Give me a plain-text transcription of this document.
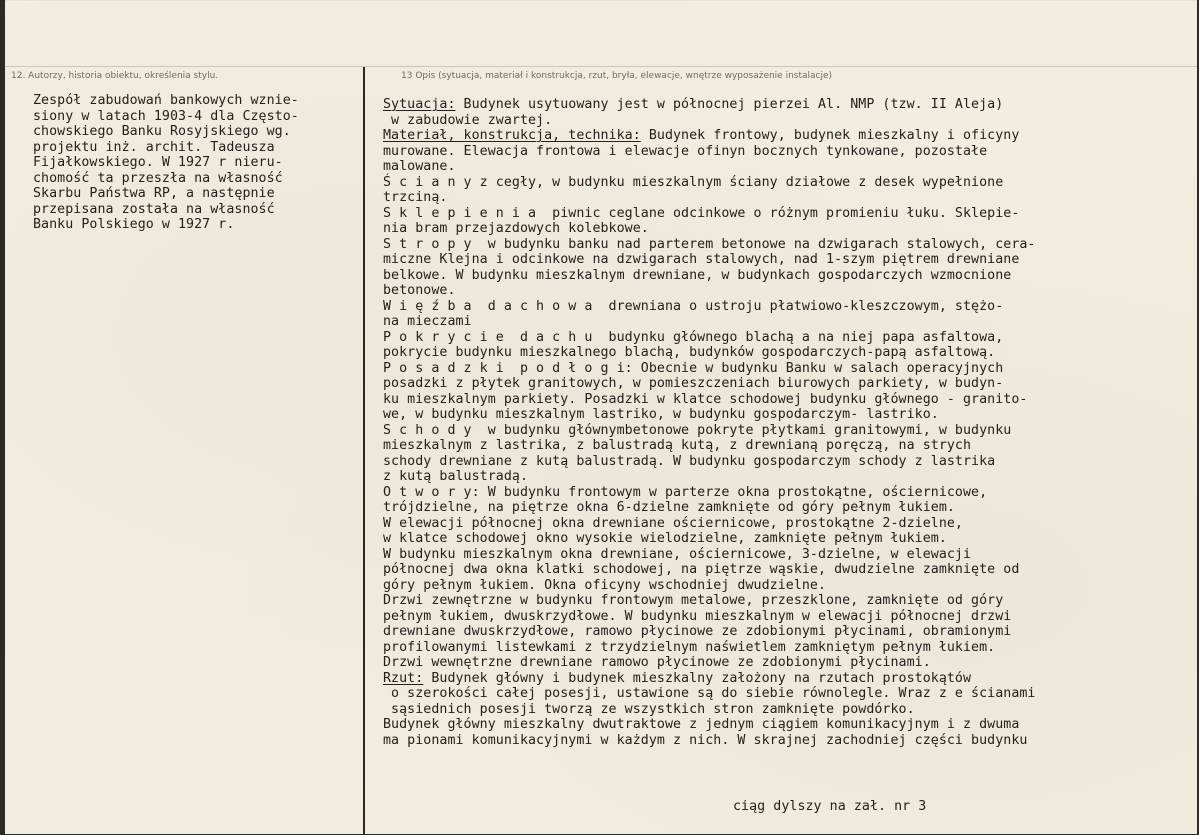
12. Autorzy, historia obiektu, określenia stylu.	13 Opis (sytuacja, materiał i konstrukcja, rzut, bryła, elewacje, wnętrze wyposażenie instalacje)
Zespół zabudowań bankowych wznie-
siony w latach 1903-4 dla Często-
chowskiego Banku Rosyjskiego wg.
projektu inż. archit. Tadeusza
Fijałkowskiego. W 1927 r nieru-
chomość ta przeszła na własność
Skarbu Państwa RP, a następnie
przepisana została na własność
Banku Polskiego w 1927 r.
Sytuacja: Budynek usytuowany jest w północnej pierzei Al. NMP (tzw. II Aleja)
w zabudowie zwartej.
Materiał, konstrukcja, technika: Budynek frontowy, budynek mieszkalny i oficyny
murowane. Elewacja frontowa i elewacje ofinyn bocznych tynkowane, pozostałe
malowane.
Ś c i a n y z cegły, w budynku mieszkalnym ściany działowe z desek wypełnione
trzciną.
S k l e p i e n i a  piwnic ceglane odcinkowe o różnym promieniu łuku. Sklepie-
nia bram przejazdowych kolebkowe.
S t r o p y  w budynku banku nad parterem betonowe na dzwigarach stalowych, cera-
miczne Klejna i odcinkowe na dzwigarach stalowych, nad 1-szym piętrem drewniane
belkowe. W budynku mieszkalnym drewniane, w budynkach gospodarczych wzmocnione
betonowe.
W i ę ź b a  d a c h o w a  drewniana o ustroju płatwiowo-kleszczowym, stężo-
na mieczami
P o k r y c i e  d a c h u  budynku głównego blachą a na niej papa asfaltowa,
pokrycie budynku mieszkalnego blachą, budynków gospodarczych-papą asfaltową.
P o s a d z k i  p o d ł o g i: Obecnie w budynku Banku w salach operacyjnych
posadzki z płytek granitowych, w pomieszczeniach biurowych parkiety, w budyn-
ku mieszkalnym parkiety. Posadzki w klatce schodowej budynku głównego - granito-
we, w budynku mieszkalnym lastriko, w budynku gospodarczym- lastriko.
S c h o d y  w budynku głównymbetonowe pokryte płytkami granitowymi, w budynku
mieszkalnym z lastrika, z balustradą kutą, z drewnianą poręczą, na strych
schody drewniane z kutą balustradą. W budynku gospodarczym schody z lastrika
z kutą balustradą.
O t w o r y: W budynku frontowym w parterze okna prostokątne, ościernicowe,
trójdzielne, na piętrze okna 6-dzielne zamknięte od góry pełnym łukiem.
W elewacji północnej okna drewniane ościernicowe, prostokątne 2-dzielne,
w klatce schodowej okno wysokie wielodzielne, zamknięte pełnym łukiem.
W budynku mieszkalnym okna drewniane, ościernicowe, 3-dzielne, w elewacji
północnej dwa okna klatki schodowej, na piętrze wąskie, dwudzielne zamknięte od
góry pełnym łukiem. Okna oficyny wschodniej dwudzielne.
Drzwi zewnętrzne w budynku frontowym metalowe, przeszklone, zamknięte od góry
pełnym łukiem, dwuskrzydłowe. W budynku mieszkalnym w elewacji północnej drzwi
drewniane dwuskrzydłowe, ramowo płycinowe ze zdobionymi płycinami, obramionymi
profilowanymi listewkami z trzydzielnym naświetlem zamkniętym pełnym łukiem.
Drzwi wewnętrzne drewniane ramowo płycinowe ze zdobionymi płycinami.
Rzut: Budynek główny i budynek mieszkalny założony na rzutach prostokątów
o szerokości całej posesji, ustawione są do siebie równolegle. Wraz z e ścianami
sąsiednich posesji tworzą ze wszystkich stron zamknięte powdórko.
Budynek główny mieszkalny dwutraktowe z jednym ciągiem komunikacyjnym i z dwuma
ma pionami komunikacyjnymi w każdym z nich. W skrajnej zachodniej części budynku
ciąg dylszy na zał. nr 3
